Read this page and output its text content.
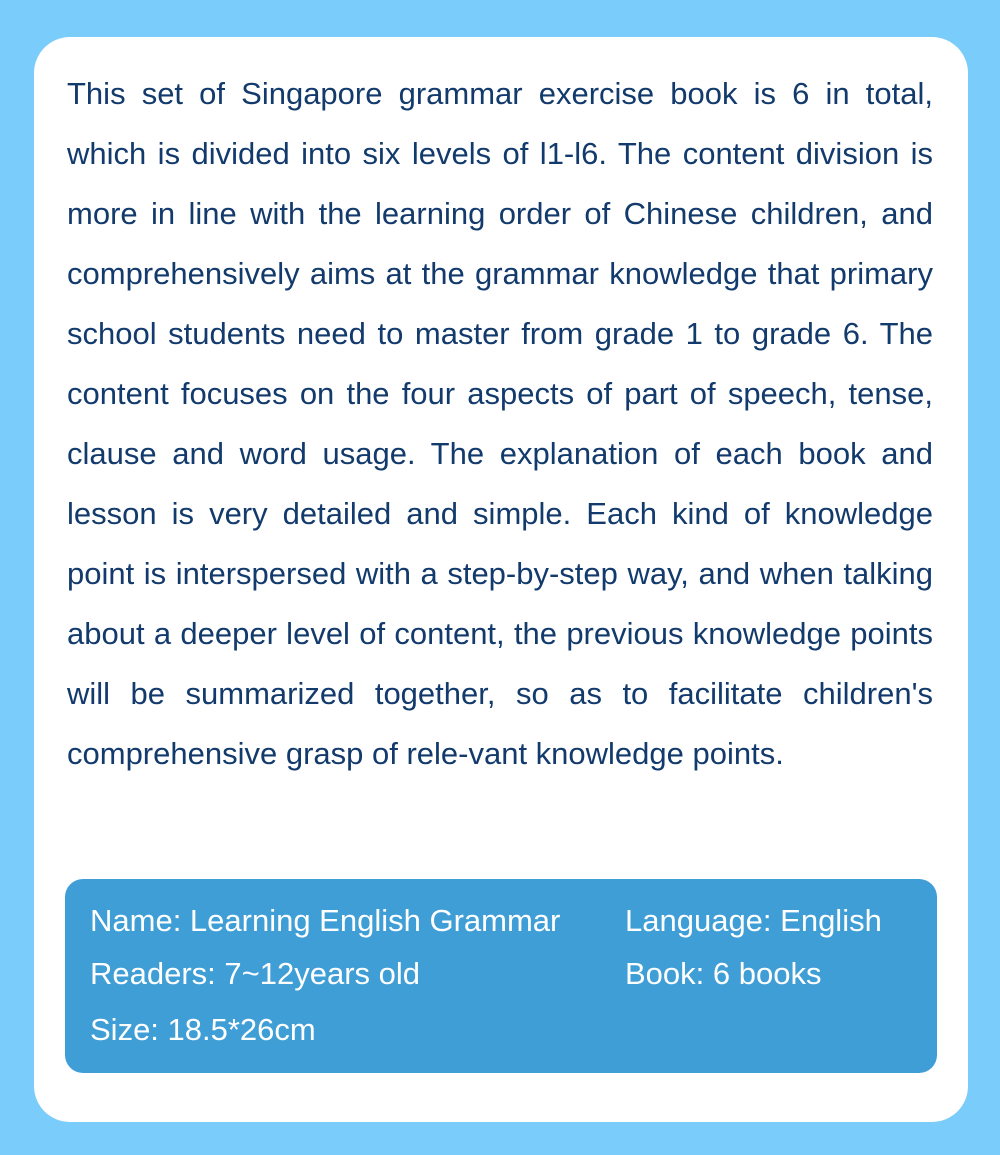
This set of Singapore grammar exercise book is 6 in total, which is divided into six levels of l1-l6. The content division is more in line with the learning order of Chinese children, and comprehensively aims at the grammar knowledge that primary school students need to master from grade 1 to grade 6. The content focuses on the four aspects of part of speech, tense, clause and word usage. The explanation of each book and lesson is very detailed and simple. Each kind of knowledge point is interspersed with a step-by-step way, and when talking about a deeper level of content, the previous knowledge points will be summarized together, so as to facilitate children's comprehensive grasp of rele-vant knowledge points.

Name: Learning English Grammar Language: English
Readers: 7~12years old	Book: 6 books
Size: 18.5*26cm
